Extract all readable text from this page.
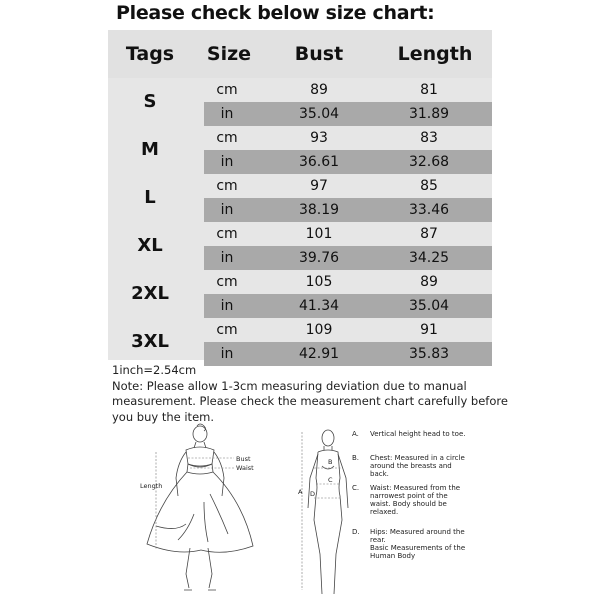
Please check below size chart:
Tags	Size	Bust	Length
S
cm	89	81
in	35.04	31.89
M
cm	93	83
in	36.61	32.68
L
cm	97	85
in	38.19	33.46
XL
cm	101	87
in	39.76	34.25
2XL
cm	105	89
in	41.34	35.04
3XL
cm	109	91
in	42.91	35.83
1inch=2.54cm
Note: Please allow 1-3cm measuring deviation due to manual
measurement. Please check the measurement chart carefully before
you buy the item.
Bust
Waist
Length
B
C
A D
A. Vertical height head to toe.
B. Chest: Measured in a circle around the breasts and back.
C. Waist: Measured from the narrowest point of the waist. Body should be relaxed.
D. Hips: Measured around the rear.
Basic Measurements of the Human Body
